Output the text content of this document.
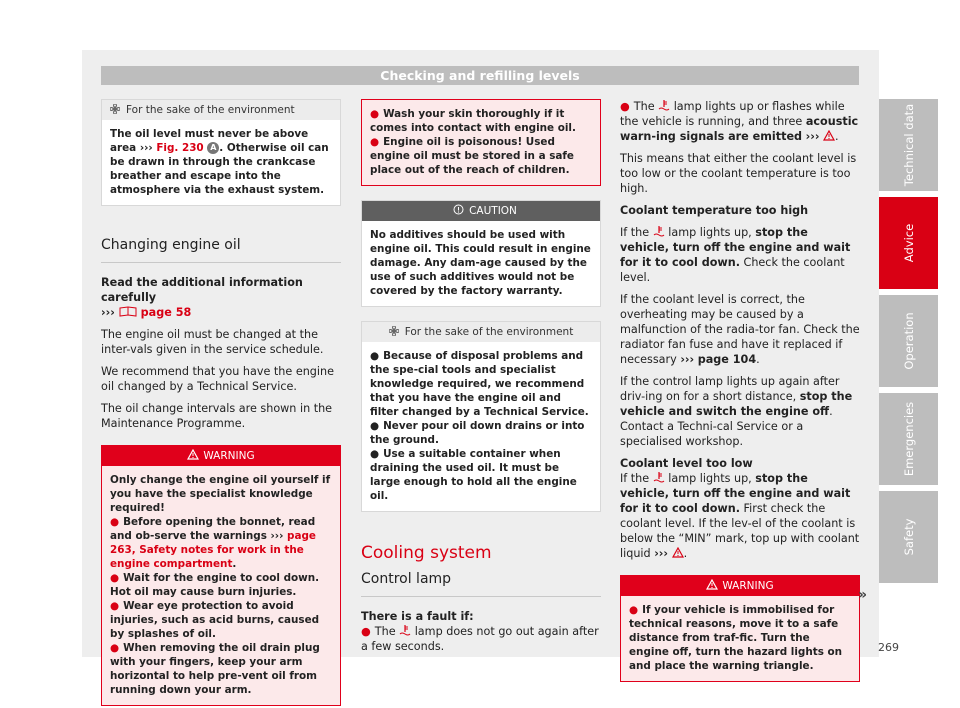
Checking and refilling levels
For the sake of the environment
The oil level must never be above area ››› Fig. 230 A . Otherwise oil can be drawn in through the crankcase breather and escape into the atmosphere via the exhaust system.
Changing engine oil

Read the additional information carefully
››› page 58

The engine oil must be changed at the inter-vals given in the service schedule.

We recommend that you have the engine oil changed by a Technical Service.

The oil change intervals are shown in the Maintenance Programme.

WARNING
Only change the engine oil yourself if you have the specialist knowledge required!
● Before opening the bonnet, read and ob-serve the warnings ››› page 263, Safety notes for work in the engine compartment.
● Wait for the engine to cool down. Hot oil may cause burn injuries.
● Wear eye protection to avoid injuries, such as acid burns, caused by splashes of oil.
● When removing the oil drain plug with your fingers, keep your arm horizontal to help pre-vent oil from running down your arm.
● Wash your skin thoroughly if it comes into contact with engine oil.
● Engine oil is poisonous! Used engine oil must be stored in a safe place out of the reach of children.
CAUTION
No additives should be used with engine oil. This could result in engine damage. Any dam-age caused by the use of such additives would not be covered by the factory warranty.
For the sake of the environment
● Because of disposal problems and the spe-cial tools and specialist knowledge required, we recommend that you have the engine oil and filter changed by a Technical Service.
● Never pour oil down drains or into the ground.
● Use a suitable container when draining the used oil. It must be large enough to hold all the engine oil.
Cooling system
Control lamp

There is a fault if:

● The lamp does not go out again after a few seconds.

● The lamp lights up or flashes while the vehicle is running, and three acoustic warn-ing signals are emitted ››› .

This means that either the coolant level is too low or the coolant temperature is too high.

Coolant temperature too high

If the lamp lights up, stop the vehicle, turn off the engine and wait for it to cool down. Check the coolant level.

If the coolant level is correct, the overheating may be caused by a malfunction of the radia-tor fan. Check the radiator fan fuse and have it replaced if necessary ››› page 104.

If the control lamp lights up again after driv-ing on for a short distance, stop the vehicle and switch the engine off. Contact a Techni-cal Service or a specialised workshop.

Coolant level too low

If the lamp lights up, stop the vehicle, turn off the engine and wait for it to cool down. First check the coolant level. If the lev-el of the coolant is below the “MIN” mark, top up with coolant liquid ››› .

WARNING
● If your vehicle is immobilised for technical reasons, move it to a safe distance from traf-fic. Turn the engine off, turn the hazard lights on and place the warning triangle.
»
Technical data
Advice
Operation
Emergencies
Safety
269
